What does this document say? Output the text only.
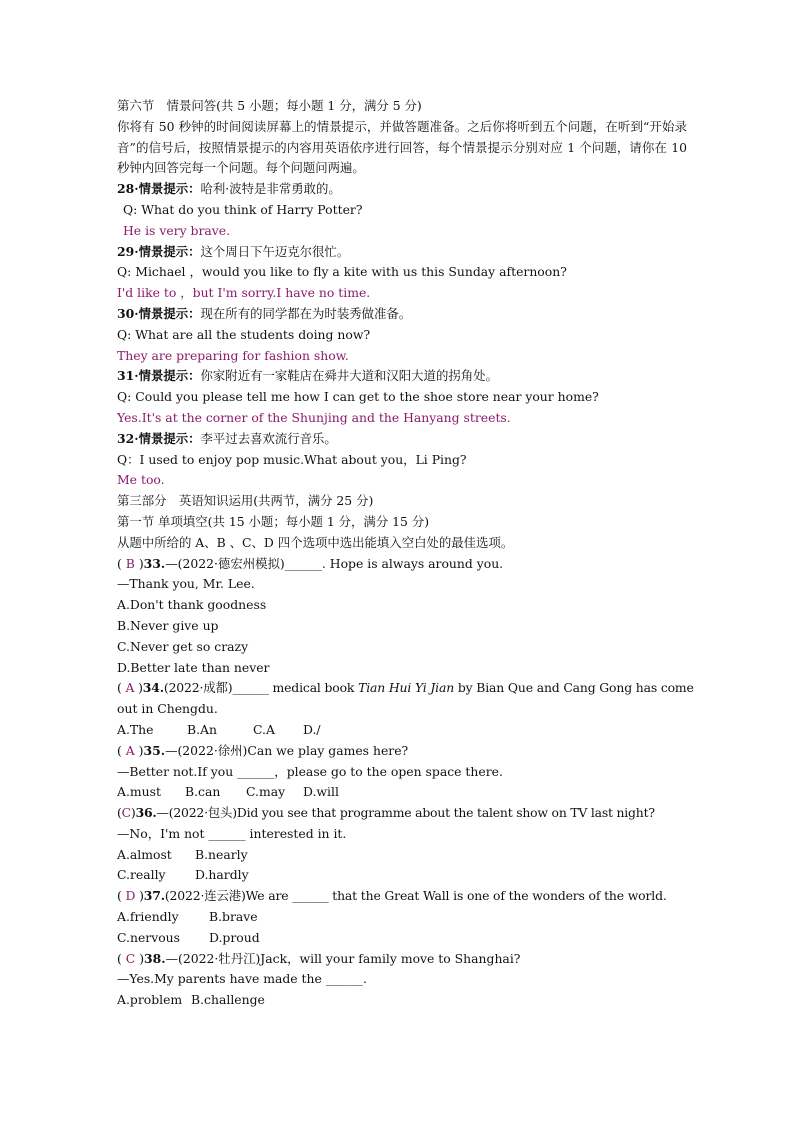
第六节　情景问答(共 5 小题；每小题 1 分，满分 5 分)
你将有 50 秒钟的时间阅读屏幕上的情景提示，并做答题准备。之后你将听到五个问题，在听到“开始录音”的信号后，按照情景提示的内容用英语依序进行回答，每个情景提示分别对应 1 个问题，请你在 10 秒钟内回答完每一个问题。每个问题问两遍。
28·情景提示：哈利·波特是非常勇敢的。
Q: What do you think of Harry Potter?
He is very brave.
29·情景提示：这个周日下午迈克尔很忙。
Q: Michael ，would you like to fly a kite with us this Sunday afternoon?
I'd like to ，but I'm sorry.I have no time.
30·情景提示：现在所有的同学都在为时装秀做准备。
Q: What are all the students doing now?
They are preparing for fashion show.
31·情景提示：你家附近有一家鞋店在舜井大道和汉阳大道的拐角处。
Q: Could you please tell me how I can get to the shoe store near your home?
Yes.It's at the corner of the Shunjing and the Hanyang streets.
32·情景提示：李平过去喜欢流行音乐。
Q：I used to enjoy pop music.What about you，Li Ping?
Me too.
第三部分　英语知识运用(共两节，满分 25 分)
第一节 单项填空(共 15 小题；每小题 1 分，满分 15 分)
从题中所给的 A、B 、C、D 四个选项中选出能填入空白处的最佳选项。
( B )33.—(2022·德宏州模拟)______. Hope is always around you.
—Thank you, Mr. Lee.
A.Don't thank goodness
B.Never give up
C.Never get so crazy
D.Better late than never
( A )34.(2022·成都)______ medical book Tian Hui Yi Jian by Bian Que and Cang Gong has come
out in Chengdu.
A.The	B.An	C.A D./
( A )35.—(2022·徐州)Can we play games here?
—Better not.If you ______，please go to the open space there.
A.must B.can C.may D.will
(C)36.—(2022·包头)Did you see that programme about the talent show on TV last night?
—No，I'm not ______ interested in it.
A.almost B.nearly
C.really D.hardly
( D )37.(2022·连云港)We are ______ that the Great Wall is one of the wonders of the world.
A.friendly B.brave
C.nervous D.proud
( C )38.—(2022·牡丹江)Jack，will your family move to Shanghai?
—Yes.My parents have made the ______.
A.problem B.challenge
